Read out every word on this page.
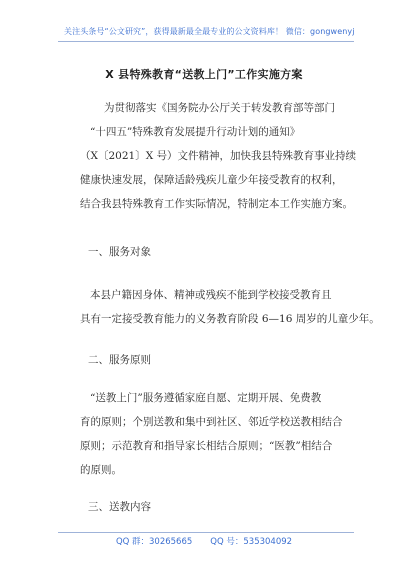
关注头条号“公文研究”，获得最新最全最专业的公文资料库！ 微信：gongwenyj
X 县特殊教育“送教上门”工作实施方案
为贯彻落实《国务院办公厅关于转发教育部等部门
“十四五”特殊教育发展提升行动计划的通知》
（X〔2021〕X 号）文件精神，加快我县特殊教育事业持续
健康快速发展，保障适龄残疾儿童少年接受教育的权利，
结合我县特殊教育工作实际情况，特制定本工作实施方案。
一、服务对象
本县户籍因身体、精神或残疾不能到学校接受教育且
具有一定接受教育能力的义务教育阶段 6—16 周岁的儿童少年。
二、服务原则
“送教上门”服务遵循家庭自愿、定期开展、免费教
育的原则；个别送教和集中到社区、邻近学校送教相结合
原则；示范教育和指导家长相结合原则；“医教”相结合
的原则。
三、送教内容
QQ 群：30265665 QQ 号：535304092
